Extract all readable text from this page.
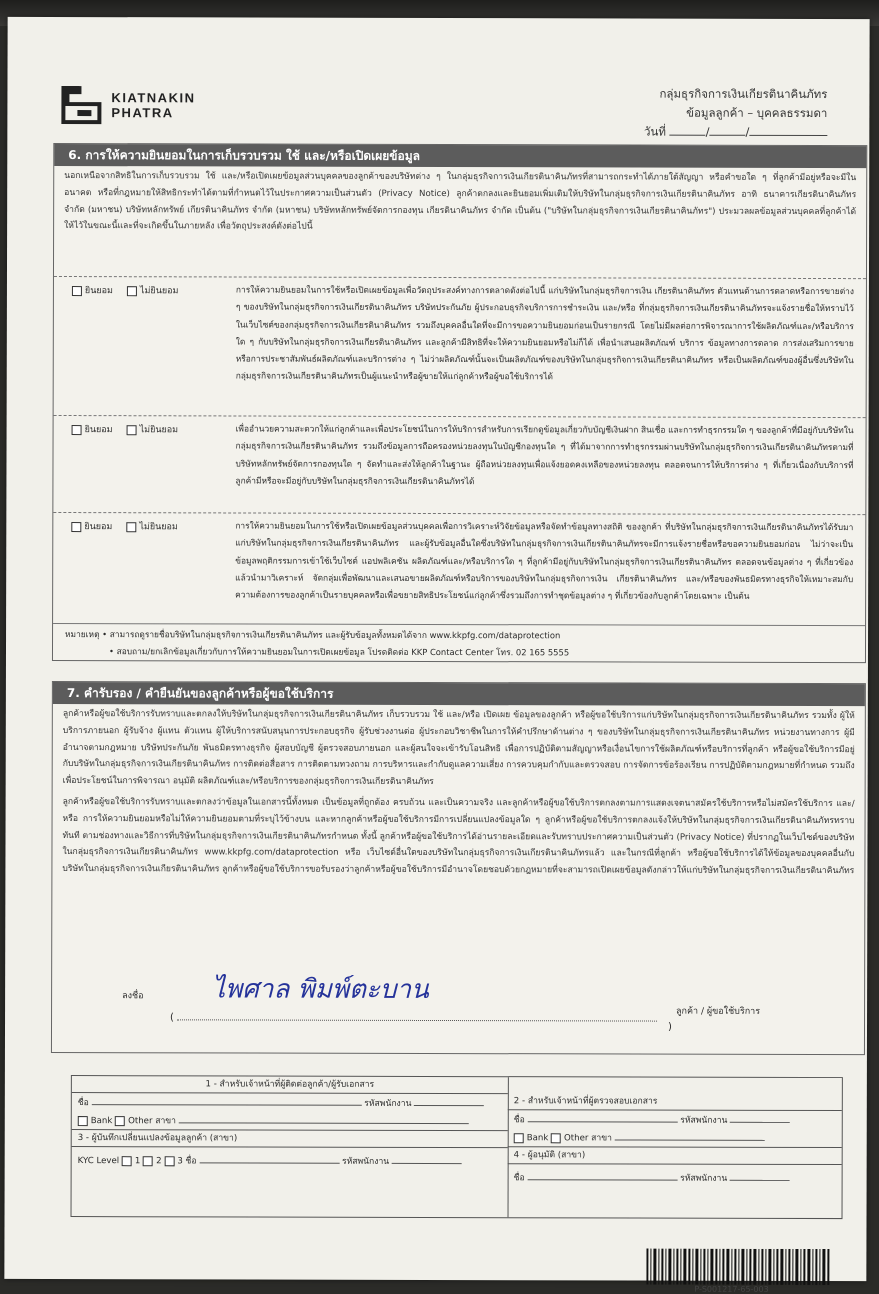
KIATNAKIN
PHATRA
กลุ่มธุรกิจการเงินเกียรตินาคินภัทร
ข้อมูลลูกค้า – บุคคลธรรมดา
วันที่	/	/
6. การให้ความยินยอมในการเก็บรวบรวม ใช้ และ/หรือเปิดเผยข้อมูล
นอกเหนือจากสิทธิในการเก็บรวบรวม ใช้ และ/หรือเปิดเผยข้อมูลส่วนบุคคลของลูกค้าของบริษัทต่าง ๆ ในกลุ่มธุรกิจการเงินเกียรตินาคินภัทรที่สามารถกระทำได้ภายใต้สัญญา หรือคำขอใด ๆ ที่ลูกค้ามีอยู่หรือจะมีในอนาคต หรือที่กฎหมายให้สิทธิกระทำได้ตามที่กำหนดไว้ในประกาศความเป็นส่วนตัว (Privacy Notice) ลูกค้าตกลงและยินยอมเพิ่มเติมให้บริษัทในกลุ่มธุรกิจการเงินเกียรตินาคินภัทร อาทิ ธนาคารเกียรตินาคินภัทร จำกัด (มหาชน) บริษัทหลักทรัพย์ เกียรตินาคินภัทร จำกัด (มหาชน) บริษัทหลักทรัพย์จัดการกองทุน เกียรตินาคินภัทร จำกัด เป็นต้น ("บริษัทในกลุ่มธุรกิจการเงินเกียรตินาคินภัทร") ประมวลผลข้อมูลส่วนบุคคลที่ลูกค้าได้ให้ไว้ในขณะนี้และที่จะเกิดขึ้นในภายหลัง เพื่อวัตถุประสงค์ดังต่อไปนี้
ยินยอม	ไม่ยินยอม	การให้ความยินยอมในการใช้หรือเปิดเผยข้อมูลเพื่อวัตถุประสงค์ทางการตลาดดังต่อไปนี้ แก่บริษัทในกลุ่มธุรกิจการเงิน เกียรตินาคินภัทร ตัวแทนด้านการตลาดหรือการขายต่าง ๆ ของบริษัทในกลุ่มธุรกิจการเงินเกียรตินาคินภัทร บริษัทประกันภัย ผู้ประกอบธุรกิจบริการการชำระเงิน และ/หรือ ที่กลุ่มธุรกิจการเงินเกียรตินาคินภัทรจะแจ้งรายชื่อให้ทราบไว้ในเว็บไซต์ของกลุ่มธุรกิจการเงินเกียรตินาคินภัทร รวมถึงบุคคลอื่นใดที่จะมีการขอความยินยอมก่อนเป็นรายกรณี โดยไม่มีผลต่อการพิจารณาการใช้ผลิตภัณฑ์และ/หรือบริการใด ๆ กับบริษัทในกลุ่มธุรกิจการเงินเกียรตินาคินภัทร และลูกค้ามีสิทธิที่จะให้ความยินยอมหรือไม่ก็ได้ เพื่อนำเสนอผลิตภัณฑ์ บริการ ข้อมูลทางการตลาด การส่งเสริมการขาย หรือการประชาสัมพันธ์ผลิตภัณฑ์และบริการต่าง ๆ ไม่ว่าผลิตภัณฑ์นั้นจะเป็นผลิตภัณฑ์ของบริษัทในกลุ่มธุรกิจการเงินเกียรตินาคินภัทร หรือเป็นผลิตภัณฑ์ของผู้อื่นซึ่งบริษัทในกลุ่มธุรกิจการเงินเกียรตินาคินภัทรเป็นผู้แนะนำหรือผู้ขายให้แก่ลูกค้าหรือผู้ขอใช้บริการได้
ยินยอม	ไม่ยินยอม	เพื่ออำนวยความสะดวกให้แก่ลูกค้าและเพื่อประโยชน์ในการให้บริการสำหรับการเรียกดูข้อมูลเกี่ยวกับบัญชีเงินฝาก สินเชื่อ และการทำธุรกรรมใด ๆ ของลูกค้าที่มีอยู่กับบริษัทในกลุ่มธุรกิจการเงินเกียรตินาคินภัทร รวมถึงข้อมูลการถือครองหน่วยลงทุนในบัญชีกองทุนใด ๆ ที่ได้มาจากการทำธุรกรรมผ่านบริษัทในกลุ่มธุรกิจการเงินเกียรตินาคินภัทรตามที่บริษัทหลักทรัพย์จัดการกองทุนใด ๆ จัดทำและส่งให้ลูกค้าในฐานะ ผู้ถือหน่วยลงทุนเพื่อแจ้งยอดคงเหลือของหน่วยลงทุน ตลอดจนการให้บริการต่าง ๆ ที่เกี่ยวเนื่องกับบริการที่ลูกค้ามีหรือจะมีอยู่กับบริษัทในกลุ่มธุรกิจการเงินเกียรตินาคินภัทรได้
ยินยอม	ไม่ยินยอม	การให้ความยินยอมในการใช้หรือเปิดเผยข้อมูลส่วนบุคคลเพื่อการวิเคราะห์วิจัยข้อมูลหรือจัดทำข้อมูลทางสถิติ ของลูกค้า ที่บริษัทในกลุ่มธุรกิจการเงินเกียรตินาคินภัทรได้รับมา แก่บริษัทในกลุ่มธุรกิจการเงินเกียรตินาคินภัทร และผู้รับข้อมูลอื่นใดซึ่งบริษัทในกลุ่มธุรกิจการเงินเกียรตินาคินภัทรจะมีการแจ้งรายชื่อหรือขอความยินยอมก่อน ไม่ว่าจะเป็นข้อมูลพฤติกรรมการเข้าใช้เว็บไซต์ แอปพลิเคชัน ผลิตภัณฑ์และ/หรือบริการใด ๆ ที่ลูกค้ามีอยู่กับบริษัทในกลุ่มธุรกิจการเงินเกียรตินาคินภัทร ตลอดจนข้อมูลต่าง ๆ ที่เกี่ยวข้องแล้วนำมาวิเคราะห์ จัดกลุ่มเพื่อพัฒนาและเสนอขายผลิตภัณฑ์หรือบริการของบริษัทในกลุ่มธุรกิจการเงิน เกียรตินาคินภัทร และ/หรือของพันธมิตรทางธุรกิจให้เหมาะสมกับความต้องการของลูกค้าเป็นรายบุคคลหรือเพื่อขยายสิทธิประโยชน์แก่ลูกค้าซึ่งรวมถึงการทำชุดข้อมูลต่าง ๆ ที่เกี่ยวข้องกับลูกค้าโดยเฉพาะ เป็นต้น
หมายเหตุ • สามารถดูรายชื่อบริษัทในกลุ่มธุรกิจการเงินเกียรตินาคินภัทร และผู้รับข้อมูลทั้งหมดได้จาก www.kkpfg.com/dataprotection
• สอบถาม/ยกเลิกข้อมูลเกี่ยวกับการให้ความยินยอมในการเปิดเผยข้อมูล โปรดติดต่อ KKP Contact Center โทร. 02 165 5555
7. คำรับรอง / คำยืนยันของลูกค้าหรือผู้ขอใช้บริการ
ลูกค้าหรือผู้ขอใช้บริการรับทราบและตกลงให้บริษัทในกลุ่มธุรกิจการเงินเกียรตินาคินภัทร เก็บรวบรวม ใช้ และ/หรือ เปิดเผย ข้อมูลของลูกค้า หรือผู้ขอใช้บริการแก่บริษัทในกลุ่มธุรกิจการเงินเกียรตินาคินภัทร รวมทั้ง ผู้ให้บริการภายนอก ผู้รับจ้าง ผู้แทน ตัวแทน ผู้ให้บริการสนับสนุนการประกอบธุรกิจ ผู้รับช่วงงานต่อ ผู้ประกอบวิชาชีพในการให้คำปรึกษาด้านต่าง ๆ ของบริษัทในกลุ่มธุรกิจการเงินเกียรตินาคินภัทร หน่วยงานทางการ ผู้มีอำนาจตามกฎหมาย บริษัทประกันภัย พันธมิตรทางธุรกิจ ผู้สอบบัญชี ผู้ตรวจสอบภายนอก และผู้สนใจจะเข้ารับโอนสิทธิ เพื่อการปฏิบัติตามสัญญาหรือเงื่อนไขการใช้ผลิตภัณฑ์หรือบริการที่ลูกค้า หรือผู้ขอใช้บริการมีอยู่กับบริษัทในกลุ่มธุรกิจการเงินเกียรตินาคินภัทร การติดต่อสื่อสาร การติดตามทวงถาม การบริหารและกำกับดูแลความเสี่ยง การควบคุมกำกับและตรวจสอบ การจัดการข้อร้องเรียน การปฏิบัติตามกฎหมายที่กำหนด รวมถึงเพื่อประโยชน์ในการพิจารณา อนุมัติ ผลิตภัณฑ์และ/หรือบริการของกลุ่มธุรกิจการเงินเกียรตินาคินภัทร
ลูกค้าหรือผู้ขอใช้บริการรับทราบและตกลงว่าข้อมูลในเอกสารนี้ทั้งหมด เป็นข้อมูลที่ถูกต้อง ครบถ้วน และเป็นความจริง และลูกค้าหรือผู้ขอใช้บริการตกลงตามการแสดงเจตนาสมัครใช้บริการหรือไม่สมัครใช้บริการ และ/หรือ การให้ความยินยอมหรือไม่ให้ความยินยอมตามที่ระบุไว้ข้างบน และหากลูกค้าหรือผู้ขอใช้บริการมีการเปลี่ยนแปลงข้อมูลใด ๆ ลูกค้าหรือผู้ขอใช้บริการตกลงแจ้งให้บริษัทในกลุ่มธุรกิจการเงินเกียรตินาคินภัทรทราบทันที ตามช่องทางและวิธีการที่บริษัทในกลุ่มธุรกิจการเงินเกียรตินาคินภัทรกำหนด ทั้งนี้ ลูกค้าหรือผู้ขอใช้บริการได้อ่านรายละเอียดและรับทราบประกาศความเป็นส่วนตัว (Privacy Notice) ที่ปรากฏในเว็บไซต์ของบริษัทในกลุ่มธุรกิจการเงินเกียรตินาคินภัทร www.kkpfg.com/dataprotection หรือ เว็บไซต์อื่นใดของบริษัทในกลุ่มธุรกิจการเงินเกียรตินาคินภัทรแล้ว และในกรณีที่ลูกค้า หรือผู้ขอใช้บริการได้ให้ข้อมูลของบุคคลอื่นกับบริษัทในกลุ่มธุรกิจการเงินเกียรตินาคินภัทร ลูกค้าหรือผู้ขอใช้บริการขอรับรองว่าลูกค้าหรือผู้ขอใช้บริการมีอำนาจโดยชอบด้วยกฎหมายที่จะสามารถเปิดเผยข้อมูลดังกล่าวให้แก่บริษัทในกลุ่มธุรกิจการเงินเกียรตินาคินภัทร
ลงชื่อ	ไพศาล พิมพ์ตะบาน
(
ลูกค้า / ผู้ขอใช้บริการ
)
1 - สำหรับเจ้าหน้าที่ผู้ติดต่อลูกค้า/ผู้รับเอกสาร
ชื่อ	รหัสพนักงาน
Bank Other สาขา
3 - ผู้บันทึกเปลี่ยนแปลงข้อมูลลูกค้า (สาขา)
KYC Level 1 2 3 ชื่อ	รหัสพนักงาน
2 - สำหรับเจ้าหน้าที่ผู้ตรวจสอบเอกสาร
ชื่อ	รหัสพนักงาน
Bank Other สาขา
4 - ผู้อนุมัติ (สาขา)
ชื่อ	รหัสพนักงาน
P-S001217-65-003
